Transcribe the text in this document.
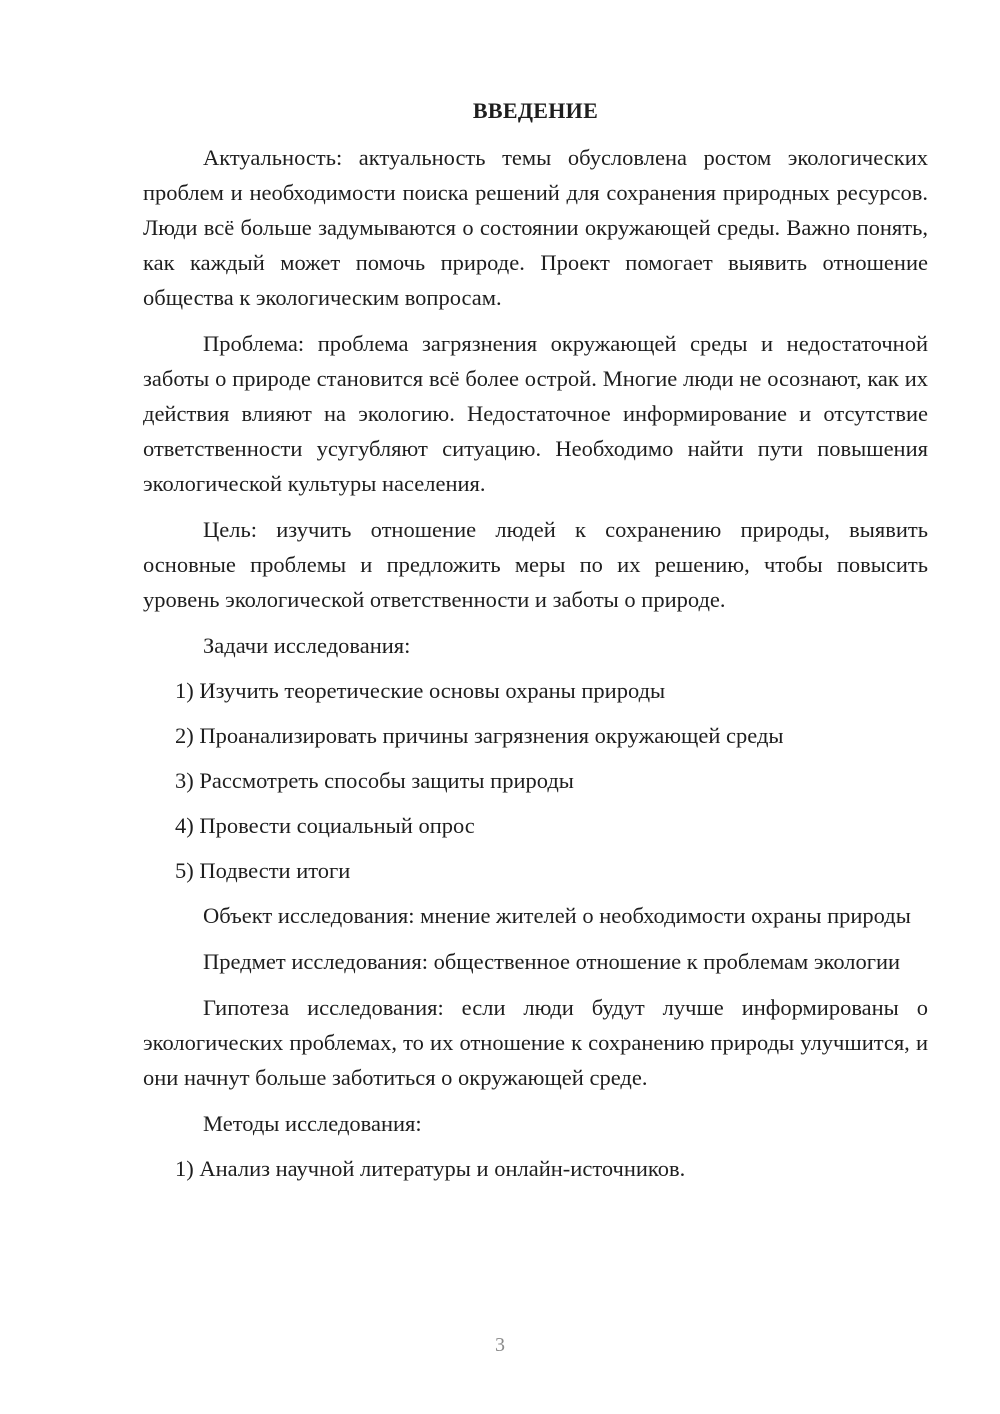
ВВЕДЕНИЕ

Актуальность: актуальность темы обусловлена ростом экологических проблем и необходимости поиска решений для сохранения природных ресурсов. Люди всё больше задумываются о состоянии окружающей среды. Важно понять, как каждый может помочь природе. Проект помогает выявить отношение общества к экологическим вопросам.

Проблема: проблема загрязнения окружающей среды и недостаточной заботы о природе становится всё более острой. Многие люди не осознают, как их действия влияют на экологию. Недостаточное информирование и отсутствие ответственности усугубляют ситуацию. Необходимо найти пути повышения экологической культуры населения.

Цель: изучить отношение людей к сохранению природы, выявить основные проблемы и предложить меры по их решению, чтобы повысить уровень экологической ответственности и заботы о природе.

Задачи исследования:

1) Изучить теоретические основы охраны природы
2) Проанализировать причины загрязнения окружающей среды
3) Рассмотреть способы защиты природы
4) Провести социальный опрос
5) Подвести итоги

Объект исследования: мнение жителей о необходимости охраны природы

Предмет исследования: общественное отношение к проблемам экологии

Гипотеза исследования: если люди будут лучше информированы о экологических проблемах, то их отношение к сохранению природы улучшится, и они начнут больше заботиться о окружающей среде.

Методы исследования:

1) Анализ научной литературы и онлайн-источников.
3
